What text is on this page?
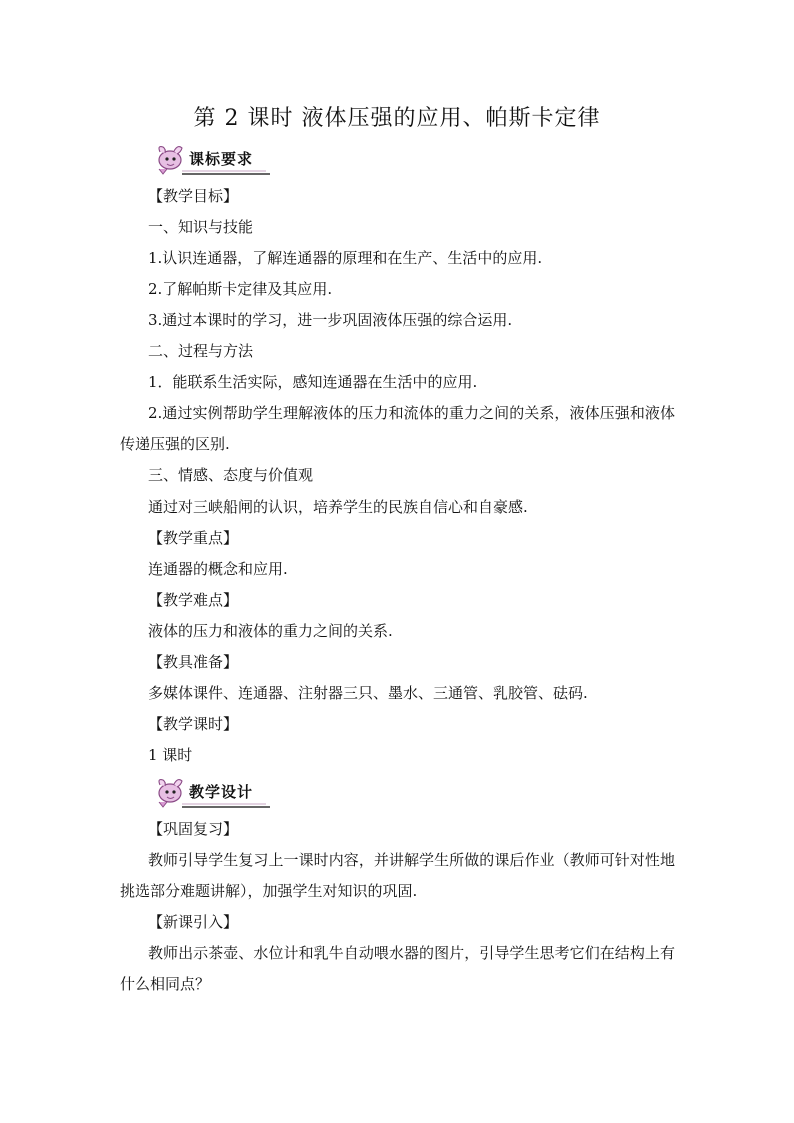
第 2 课时 液体压强的应用、帕斯卡定律
课标要求
【教学目标】
一、知识与技能
1.认识连通器，了解连通器的原理和在生产、生活中的应用.
2.了解帕斯卡定律及其应用.
3.通过本课时的学习，进一步巩固液体压强的综合运用.
二、过程与方法
1．能联系生活实际，感知连通器在生活中的应用.
2.通过实例帮助学生理解液体的压力和流体的重力之间的关系，液体压强和液体传递压强的区别.
三、情感、态度与价值观
通过对三峡船闸的认识，培养学生的民族自信心和自豪感.
【教学重点】
连通器的概念和应用.
【教学难点】
液体的压力和液体的重力之间的关系.
【教具准备】
多媒体课件、连通器、注射器三只、墨水、三通管、乳胶管、砝码.
【教学课时】
1 课时
教学设计
【巩固复习】
教师引导学生复习上一课时内容，并讲解学生所做的课后作业（教师可针对性地挑选部分难题讲解），加强学生对知识的巩固.
【新课引入】
教师出示茶壶、水位计和乳牛自动喂水器的图片，引导学生思考它们在结构上有什么相同点？
